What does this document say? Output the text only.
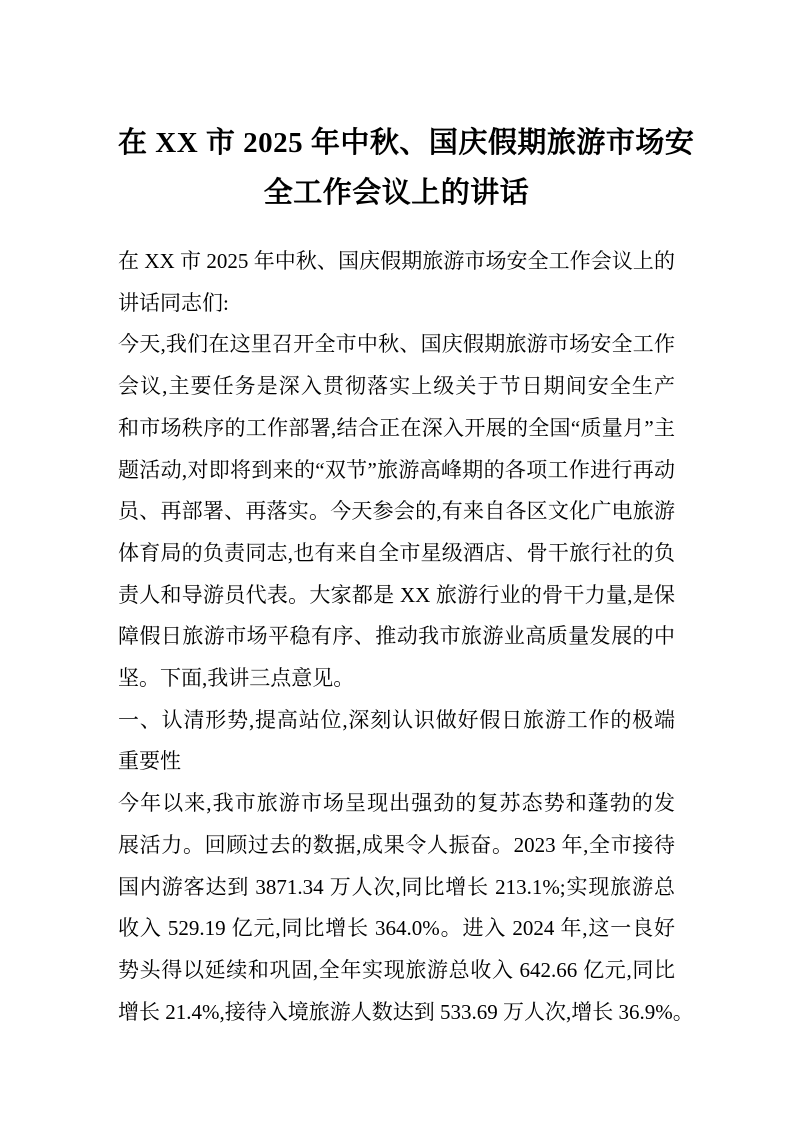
在 XX 市 2025 年中秋、国庆假期旅游市场安
全工作会议上的讲话
在 XX 市 2025 年中秋、国庆假期旅游市场安全工作会议上的
讲话同志们:
今天,我们在这里召开全市中秋、国庆假期旅游市场安全工作
会议,主要任务是深入贯彻落实上级关于节日期间安全生产
和市场秩序的工作部署,结合正在深入开展的全国“质量月”主
题活动,对即将到来的“双节”旅游高峰期的各项工作进行再动
员、再部署、再落实。今天参会的,有来自各区文化广电旅游
体育局的负责同志,也有来自全市星级酒店、骨干旅行社的负
责人和导游员代表。大家都是 XX 旅游行业的骨干力量,是保
障假日旅游市场平稳有序、推动我市旅游业高质量发展的中
坚。下面,我讲三点意见。
一、认清形势,提高站位,深刻认识做好假日旅游工作的极端
重要性
今年以来,我市旅游市场呈现出强劲的复苏态势和蓬勃的发
展活力。回顾过去的数据,成果令人振奋。2023 年,全市接待
国内游客达到 3871.34 万人次,同比增长 213.1%;实现旅游总
收入 529.19 亿元,同比增长 364.0%。进入 2024 年,这一良好
势头得以延续和巩固,全年实现旅游总收入 642.66 亿元,同比
增长 21.4%,接待入境旅游人数达到 533.69 万人次,增长 36.9%。
